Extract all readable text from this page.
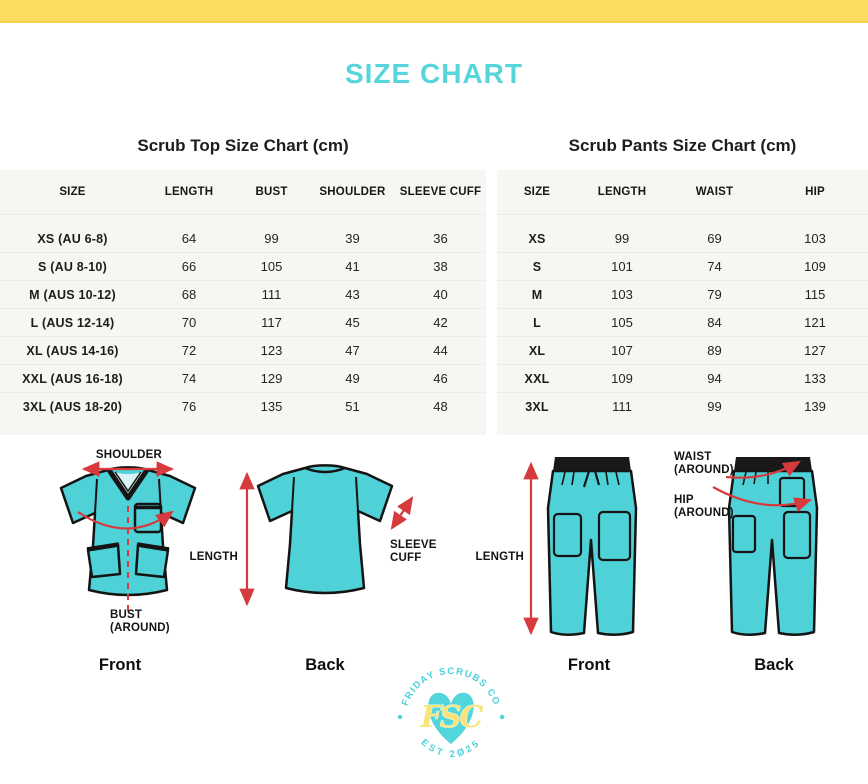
SIZE CHART
Scrub Top Size Chart (cm)	Scrub Pants Size Chart (cm)
SIZE	LENGTH	BUST	SHOULDER	SLEEVE CUFF
XS (AU 6-8)	64	99	39	36
S (AU 8-10)	66	105	41	38
M (AUS 10-12)	68	111	43	40
L (AUS 12-14)	70	117	45	42
XL (AUS 14-16)	72	123	47	44
XXL (AUS 16-18)	74	129	49	46
3XL (AUS 18-20)	76	135	51	48
SIZE	LENGTH	WAIST	HIP
XS	99	69	103
S	101	74	109
M	103	79	115
L	105	84	121
XL	107	89	127
XXL	109	94	133
3XL	111	99	139
SHOULDER
LENGTH
BUST
(AROUND)
SLEEVE
CUFF	LENGTH
WAIST
(AROUND)
HIP
(AROUND)
Front	Back	Front	Back
FRIDAY SCRUBS CO
EST 2Ø25
FSC
